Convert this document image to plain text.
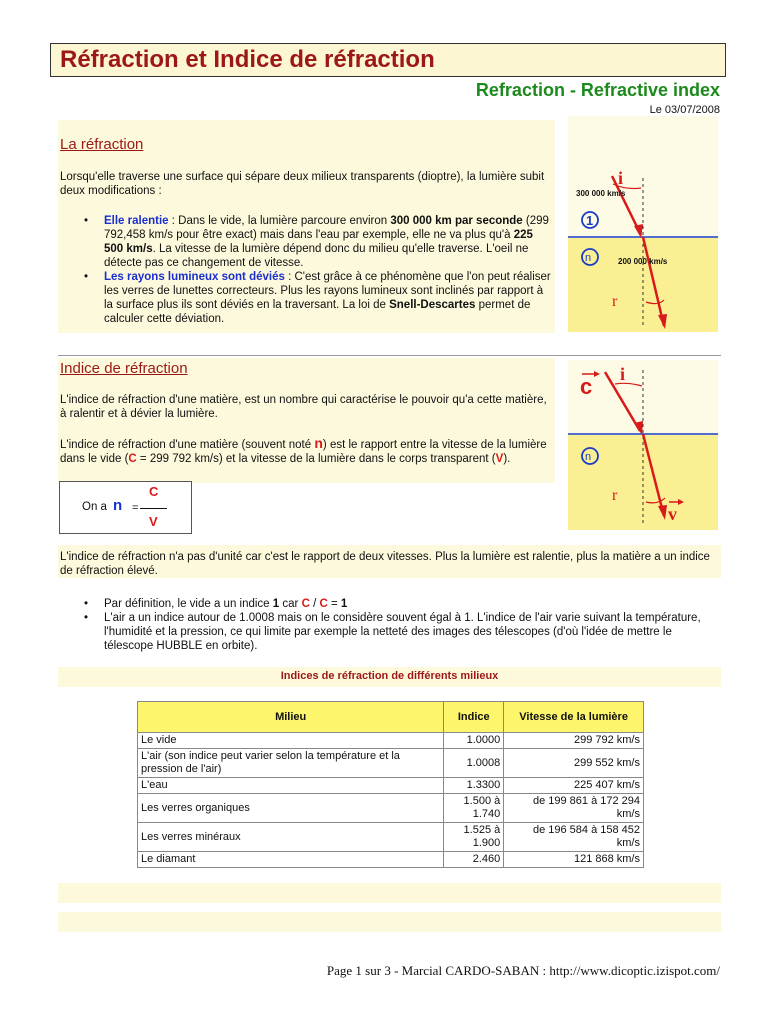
Réfraction et Indice de réfraction
Refraction - Refractive index
Le 03/07/2008
La réfraction
Lorsqu'elle traverse une surface qui sépare deux milieux transparents (dioptre), la lumière subit deux modifications :
• Elle ralentie : Dans le vide, la lumière parcoure environ 300 000 km par seconde (299 792,458 km/s pour être exact) mais dans l'eau par exemple, elle ne va plus qu'à 225 500 km/s. La vitesse de la lumière dépend donc du milieu qu'elle traverse. L'oeil ne détecte pas ce changement de vitesse.
• Les rayons lumineux sont déviés : C'est grâce à ce phénomène que l'on peut réaliser les verres de lunettes correcteurs. Plus les rayons lumineux sont inclinés par rapport à la surface plus ils sont déviés en la traversant. La loi de Snell-Descartes permet de calculer cette déviation.
i
300 000 km/s
1
n	200 000 km/s
r
Indice de réfraction
L'indice de réfraction d'une matière, est un nombre qui caractérise le pouvoir qu'a cette matière, à ralentir et à dévier la lumière.
L'indice de réfraction d'une matière (souvent noté n) est le rapport entre la vitesse de la lumière dans le vide (C = 299 792 km/s) et la vitesse de la lumière dans le corps transparent (V).
On a n =
C
V
c i
n
r
v
L'indice de réfraction n'a pas d'unité car c'est le rapport de deux vitesses. Plus la lumière est ralentie, plus la matière a un indice de réfraction élevé.
• Par définition, le vide a un indice 1 car C / C = 1
• L'air a un indice autour de 1.0008 mais on le considère souvent égal à 1. L'indice de l'air varie suivant la température, l'humidité et la pression, ce qui limite par exemple la netteté des images des télescopes (d'où l'idée de mettre le télescope HUBBLE en orbite).
Indices de réfraction de différents milieux
Milieu	Indice	Vitesse de la lumière
Le vide	1.0000	299 792 km/s
L'air (son indice peut varier selon la température et la pression de l'air)	1.0008	299 552 km/s
L'eau	1.3300	225 407 km/s
Les verres organiques	1.500 à 1.740	de 199 861 à 172 294 km/s
Les verres minéraux	1.525 à 1.900	de 196 584 à 158 452 km/s
Le diamant	2.460	121 868 km/s
Page 1 sur 3 - Marcial CARDO-SABAN : http://www.dicoptic.izispot.com/
